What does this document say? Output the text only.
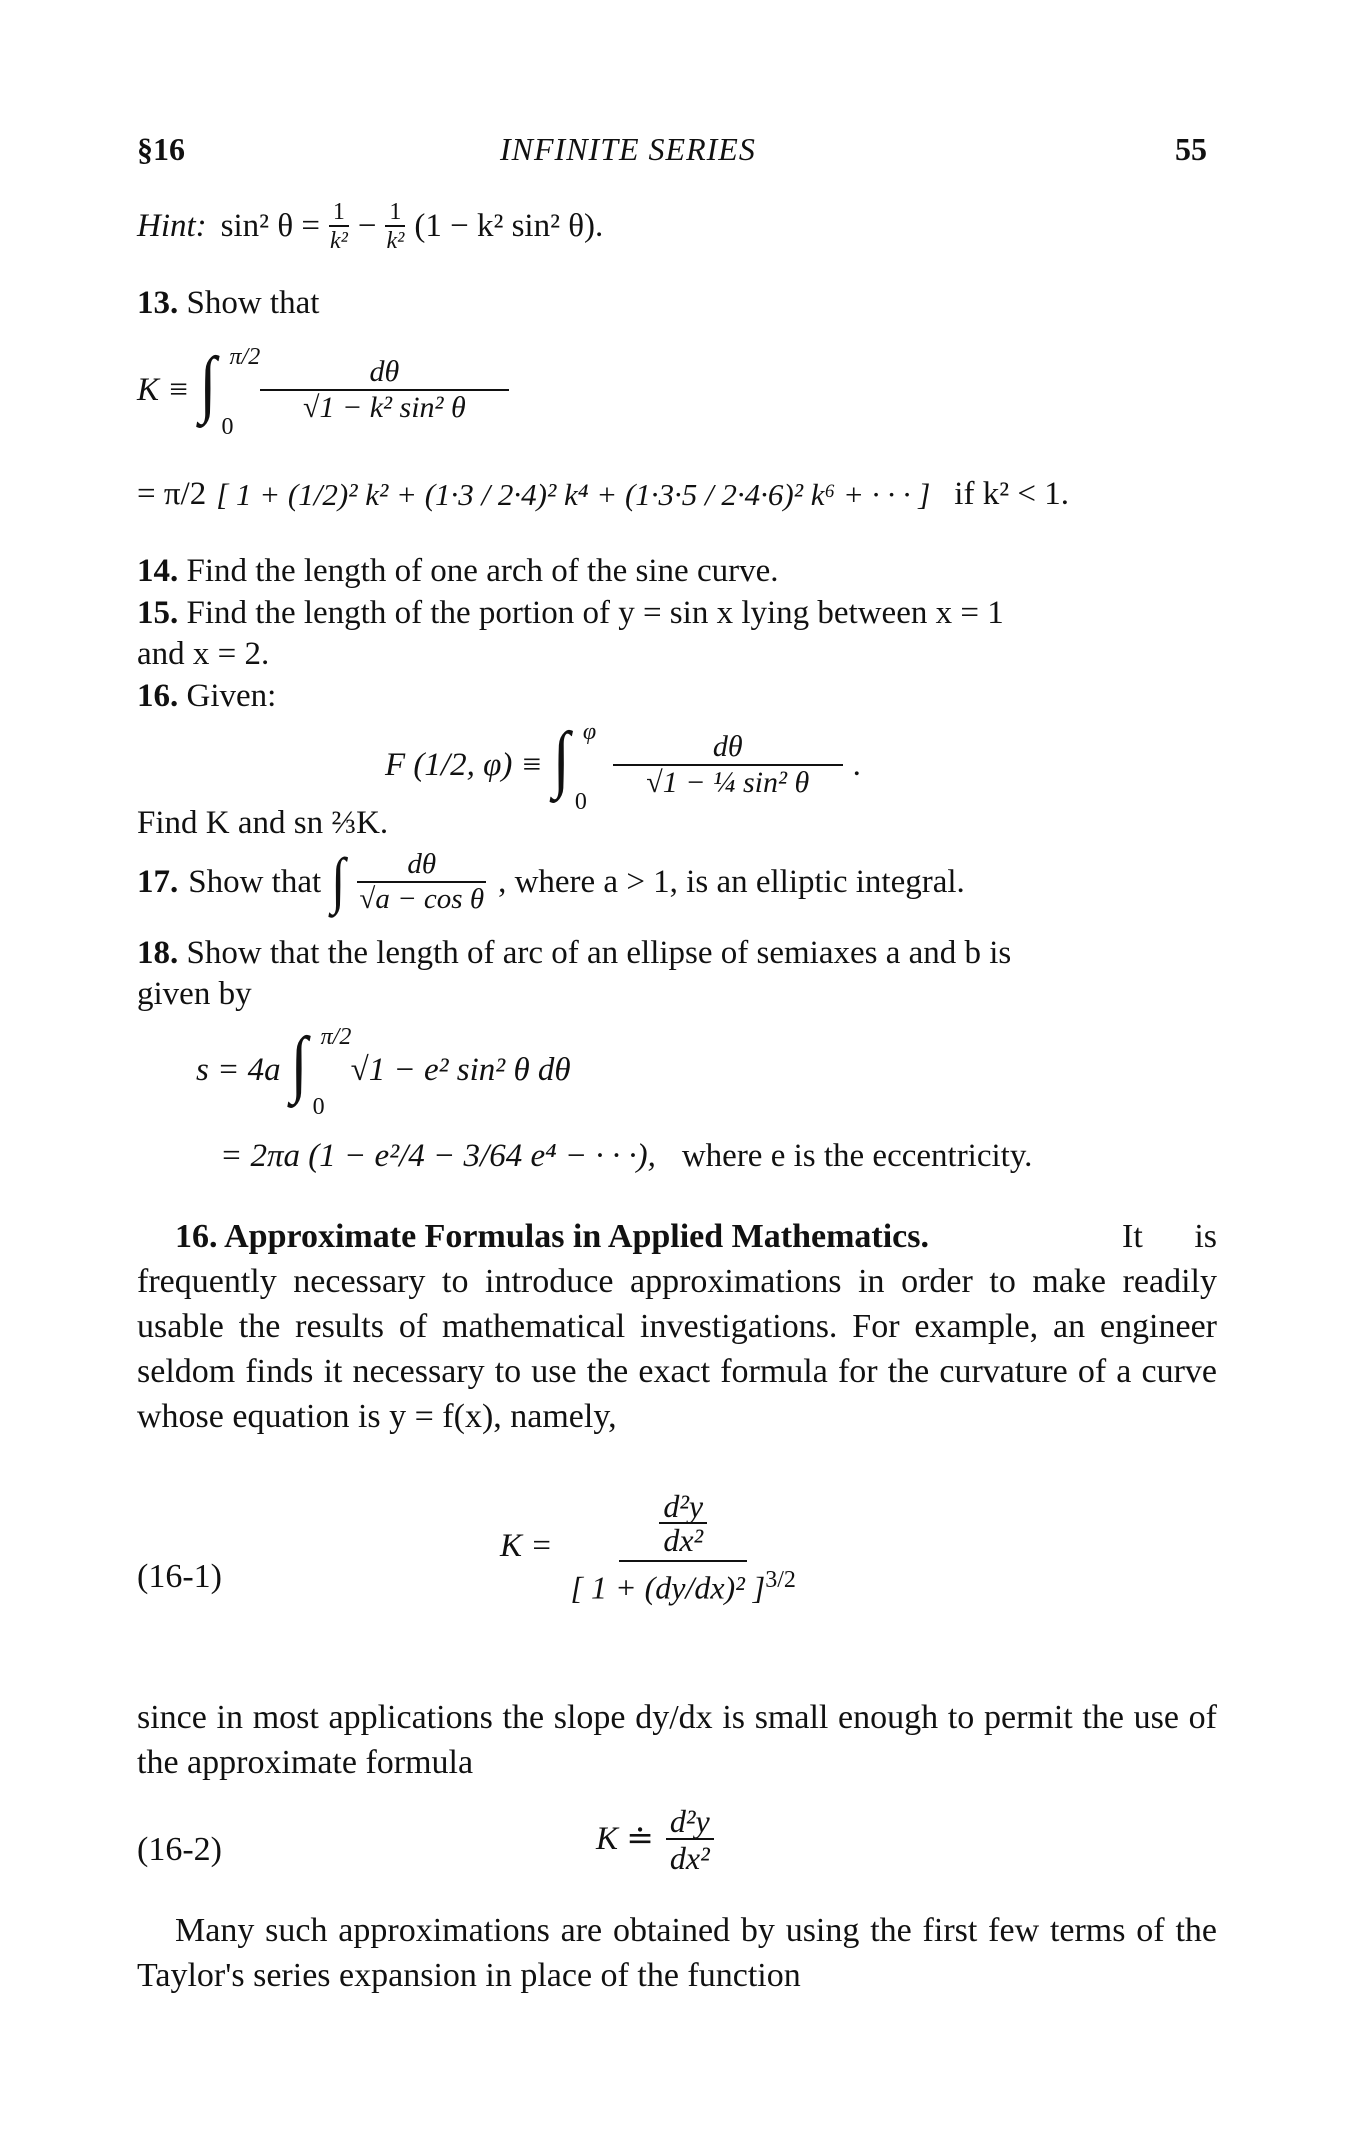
§16	INFINITE SERIES	55
Hint: sin² $\theta = \frac{1}{\text{k²}} - \frac{1}{\text{k²}} (1 - k^2$ sin² θ).
13. Show that
K ≡ ∫ π/2
0
$\frac{d\theta}{\text{√1 − k² sin² θ}}$
= π/2 [ 1 + (1/2)² k² + (1·3 / 2·4)² k⁴ + (1·3·5 / 2·4·6)² k⁶ + · · · ] if k² < 1.
14. Find the length of one arch of the sine curve.
15. Find the length of the portion of y = sin x lying between x = 1
and x = 2.
16. Given:
F (1/2, φ) ≡ ∫ φ
0
$\frac{d\theta}{\text{√1 − ¼ sin² θ}}$ .
Find K and sn ⅔K.
17. Show that ∫ $\frac{d\theta}{\text{√a − cos θ}}$ , where a > 1, is an elliptic integral.
18. Show that the length of arc of an ellipse of semiaxes a and b is
given by
s = 4a ∫ π/2
0
√1 − e² sin² θ dθ
= 2πa (1 − e²/4 − 3/64 e⁴ − · · ·), where e is the eccentricity.
16. Approximate Formulas in Applied Mathematics.	It is frequently necessary to introduce approximations in order to make readily usable the results of mathematical investigations. For example, an engineer seldom finds it necessary to use the exact formula for the curvature of a curve whose equation is y = f(x), namely,
(16-1)
K = d²y
dx²
[ 1 + (dy/dx)² ]$^{3/2}$
since in most applications the slope dy/dx is small enough to permit the use of the approximate formula
(16-2)	K ≐ $\frac{\text{d²y}}{\text{dx²}}$
Many such approximations are obtained by using the first few terms of the Taylor's series expansion in place of the function
